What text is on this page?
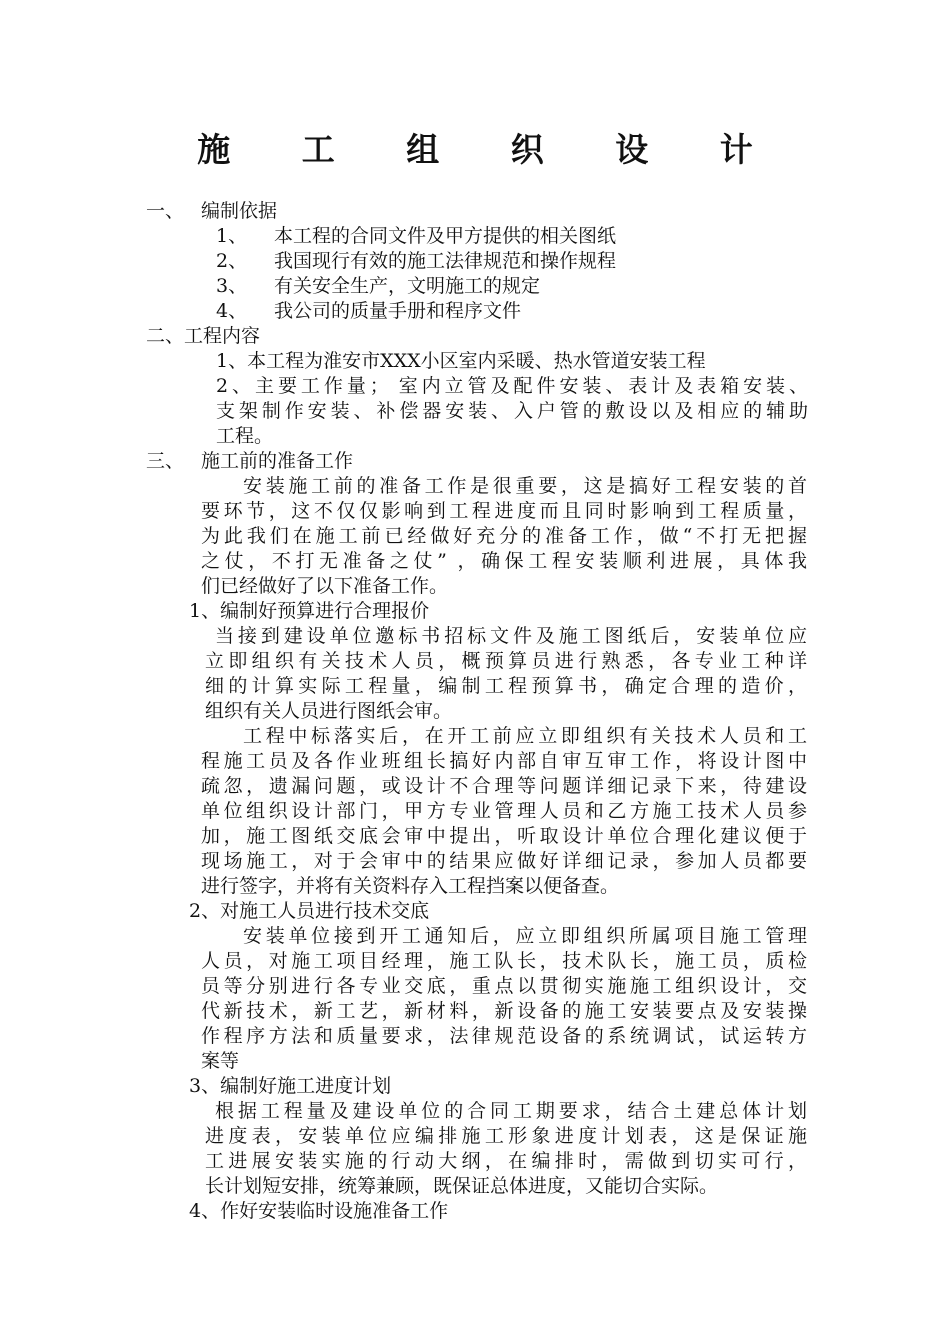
施 工 组 织 设 计
一、 编制依据
1、 本工程的合同文件及甲方提供的相关图纸
2、 我国现行有效的施工法律规范和操作规程
3、 有关安全生产，文明施工的规定
4、 我公司的质量手册和程序文件
二、工程内容
1、本工程为淮安市XXX小区室内采暖、热水管道安装工程
2、主要工作量； 室内立管及配件安装、表计及表箱安装、
支架制作安装、补偿器安装、入户管的敷设以及相应的辅助
工程。
三、 施工前的准备工作
安装施工前的准备工作是很重要，这是搞好工程安装的首
要环节，这不仅仅影响到工程进度而且同时影响到工程质量，
为此我们在施工前已经做好充分的准备工作，做“不打无把握
之仗，不打无准备之仗” ，确保工程安装顺利进展，具体我
们已经做好了以下准备工作。
1、编制好预算进行合理报价
当接到建设单位邀标书招标文件及施工图纸后，安装单位应
立即组织有关技术人员，概预算员进行熟悉，各专业工种详
细的计算实际工程量，编制工程预算书，确定合理的造价，
组织有关人员进行图纸会审。
工程中标落实后，在开工前应立即组织有关技术人员和工
程施工员及各作业班组长搞好内部自审互审工作，将设计图中
疏忽，遗漏问题，或设计不合理等问题详细记录下来，待建设
单位组织设计部门，甲方专业管理人员和乙方施工技术人员参
加，施工图纸交底会审中提出，听取设计单位合理化建议便于
现场施工，对于会审中的结果应做好详细记录，参加人员都要
进行签字，并将有关资料存入工程挡案以便备查。
2、对施工人员进行技术交底
安装单位接到开工通知后，应立即组织所属项目施工管理
人员，对施工项目经理，施工队长，技术队长，施工员，质检
员等分别进行各专业交底，重点以贯彻实施施工组织设计，交
代新技术，新工艺，新材料，新设备的施工安装要点及安装操
作程序方法和质量要求，法律规范设备的系统调试，试运转方
案等
3、编制好施工进度计划
根据工程量及建设单位的合同工期要求，结合土建总体计划
进度表，安装单位应编排施工形象进度计划表，这是保证施
工进展安装实施的行动大纲，在编排时，需做到切实可行，
长计划短安排，统筹兼顾，既保证总体进度，又能切合实际。
4、作好安装临时设施准备工作
